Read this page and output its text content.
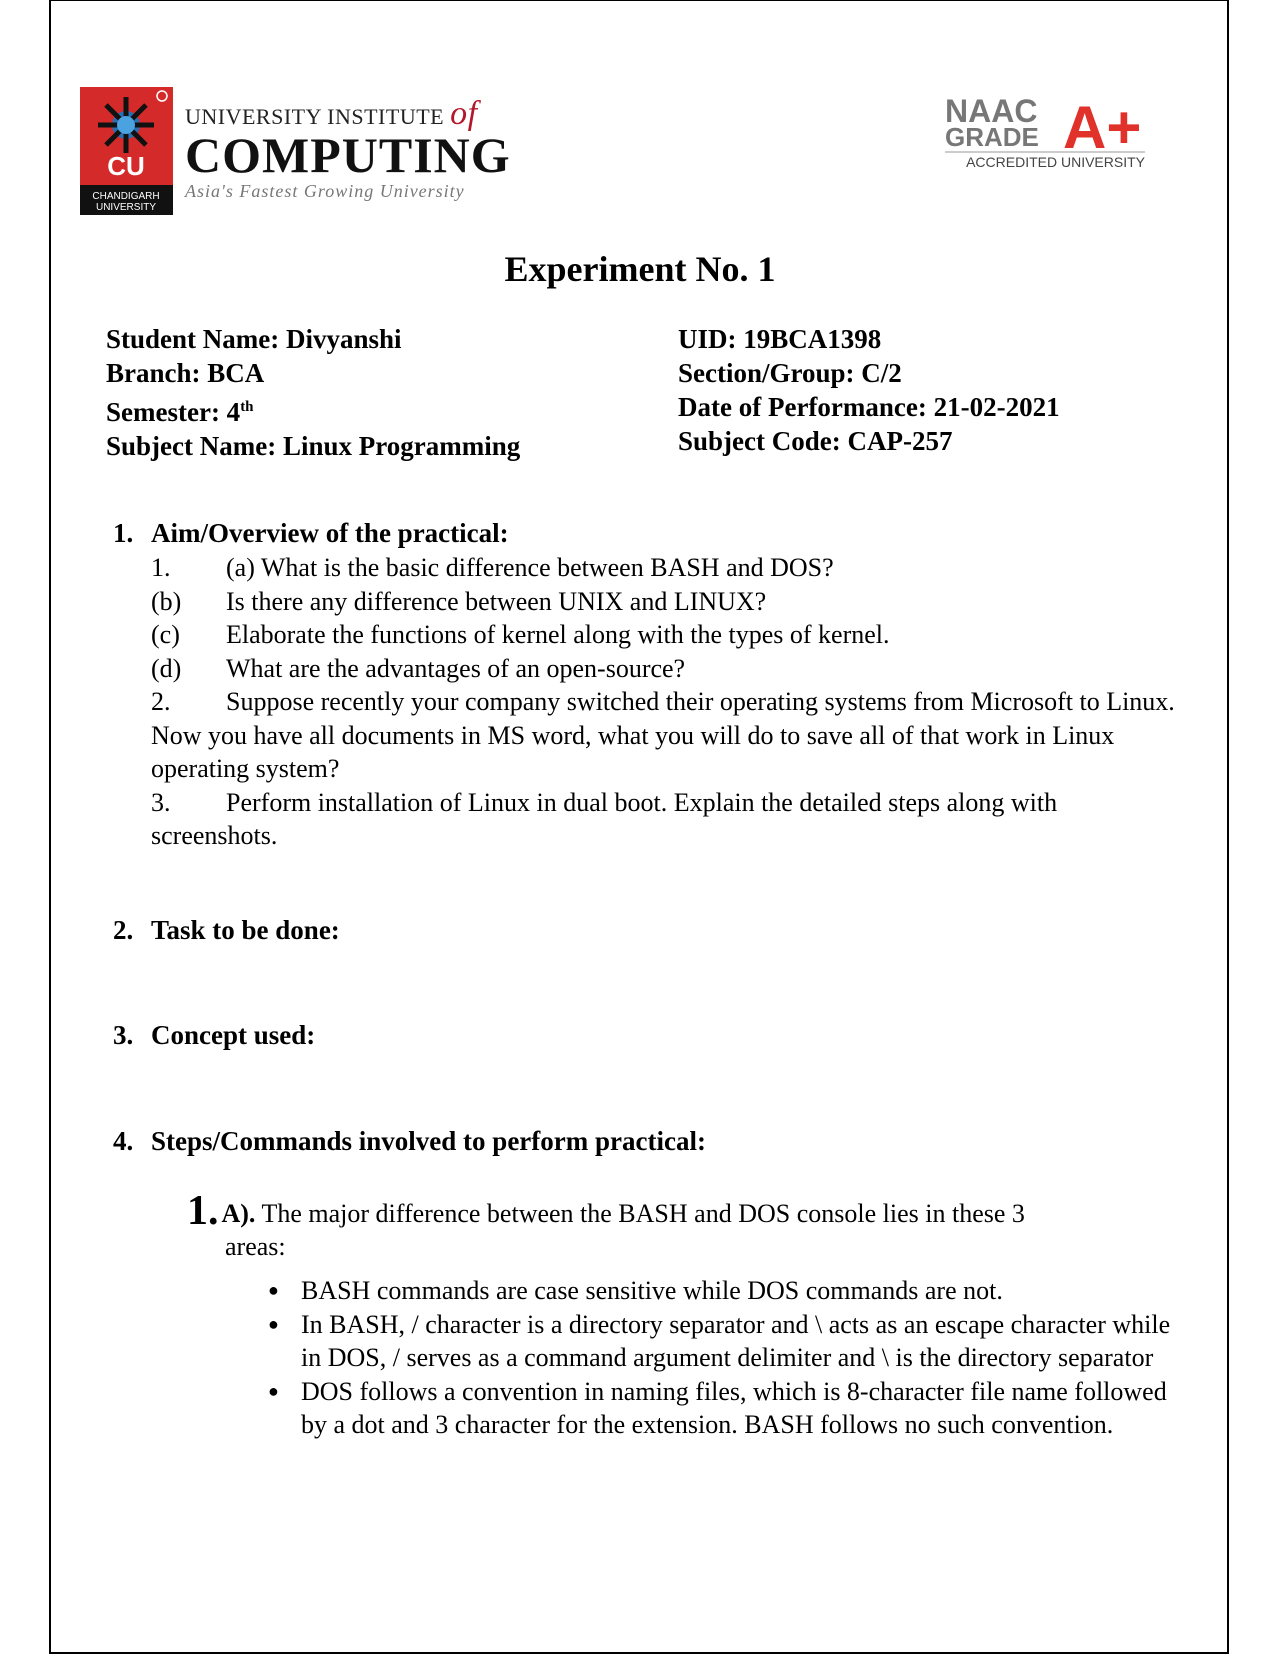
CU
CHANDIGARH
UNIVERSITY
UNIVERSITY INSTITUTE of
COMPUTING
Asia's Fastest Growing University
NAAC
GRADE A+
ACCREDITED UNIVERSITY
Experiment No. 1
Student Name: Divyanshi
Branch: BCA
Semester: 4th
Subject Name: Linux Programming
UID: 19BCA1398
Section/Group: C/2
Date of Performance: 21-02-2021
Subject Code: CAP-257
1. Aim/Overview of the practical:
1.	(a) What is the basic difference between BASH and DOS?
(b)	Is there any difference between UNIX and LINUX?
(c)	Elaborate the functions of kernel along with the types of kernel.
(d)	What are the advantages of an open-source?
2. Suppose recently your company switched their operating systems from Microsoft to Linux. Now you have all documents in MS word, what you will do to save all of that work in Linux operating system?
3. Perform installation of Linux in dual boot. Explain the detailed steps along with screenshots.
2. Task to be done:
3. Concept used:
4. Steps/Commands involved to perform practical:
1. A). The major difference between the BASH and DOS console lies in these 3
areas:
● BASH commands are case sensitive while DOS commands are not.
● In BASH, / character is a directory separator and \ acts as an escape character while in DOS, / serves as a command argument delimiter and \ is the directory separator
● DOS follows a convention in naming files, which is 8-character file name followed by a dot and 3 character for the extension. BASH follows no such convention.
